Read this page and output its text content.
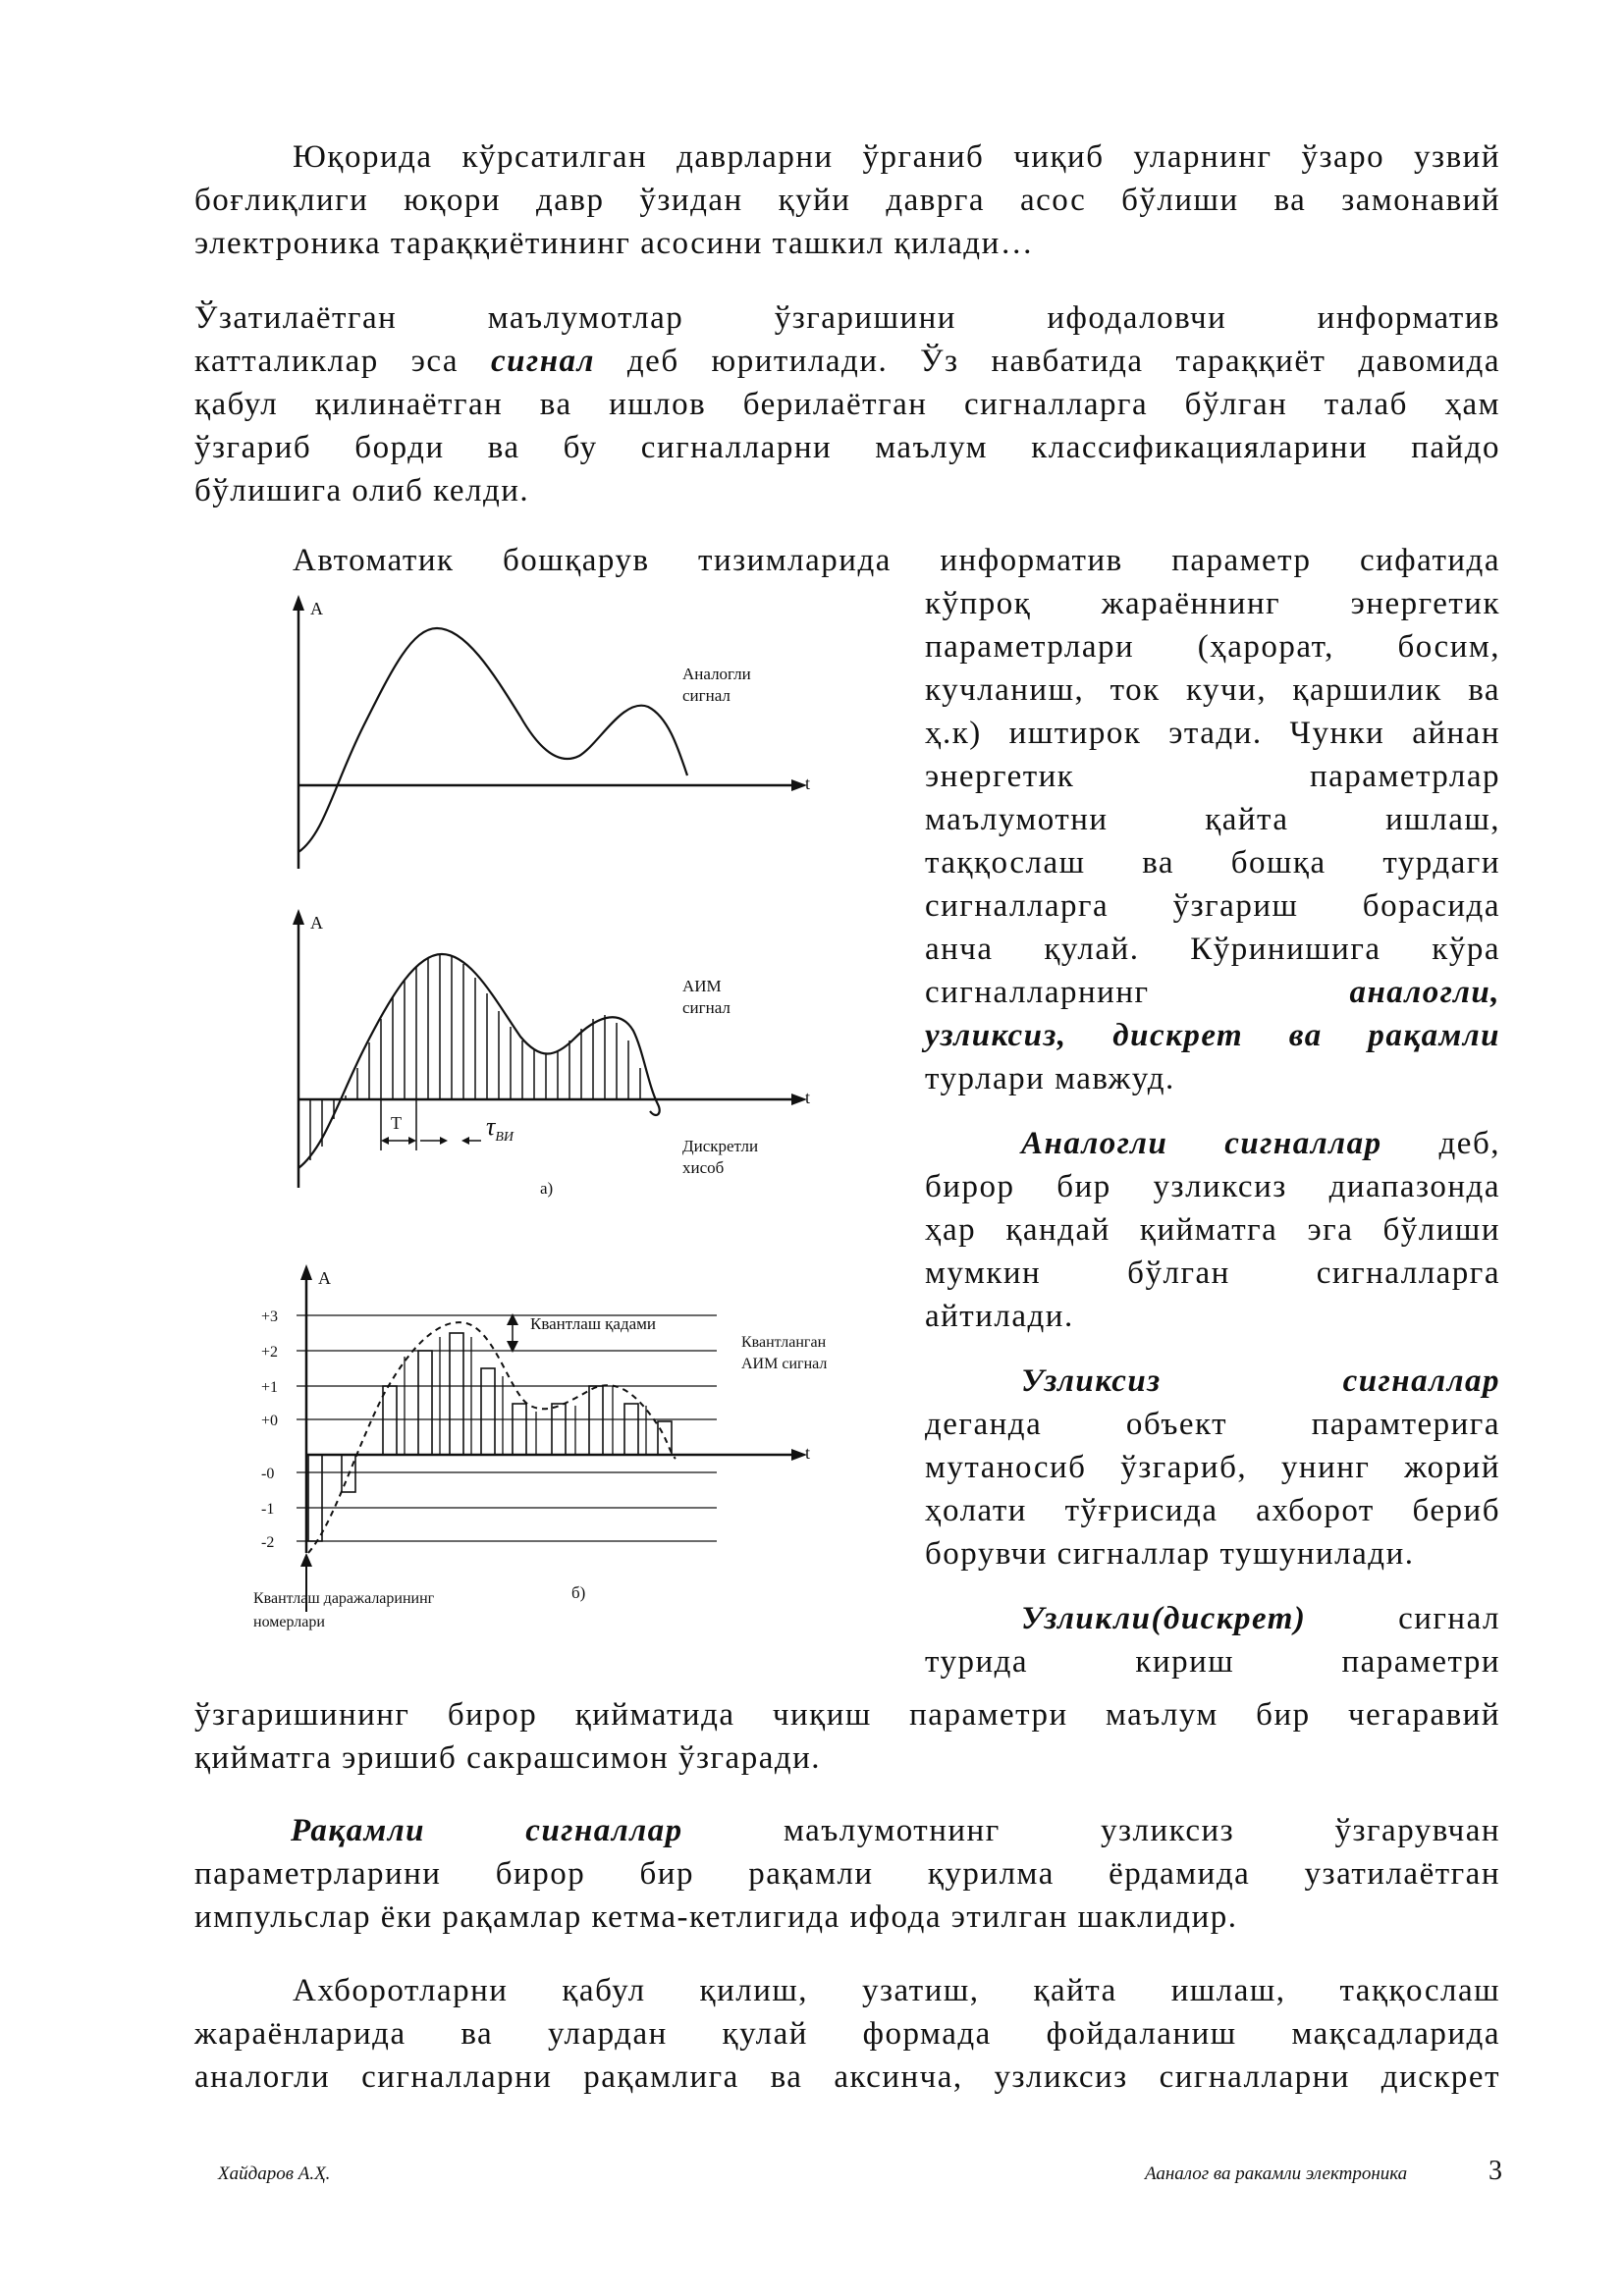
Юқорида кўрсатилган даврларни ўрганиб чиқиб уларнинг ўзаро узвий
боғлиқлиги юқори давр ўзидан қуйи даврга асос бўлиши ва замонавий
электроника тараққиётининг асосини ташкил қилади…
Ўзатилаётган маълумотлар ўзгаришини ифодаловчи информатив
катталиклар эса сигнал деб юритилади. Ўз навбатида тараққиёт давомида
қабул қилинаётган ва ишлов берилаётган сигналларга бўлган талаб ҳам
ўзгариб борди ва бу сигналларни маълум классификацияларини пайдо
бўлишига олиб келди.
Автоматик бошқарув тизимларида информатив параметр сифатида
кўпроқ жараённинг энергетик
параметрлари (ҳарорат, босим,
кучланиш, ток кучи, қаршилик ва
ҳ.к) иштирок этади. Чунки айнан
энергетик параметрлар
маълумотни қайта ишлаш,
таққослаш ва бошқа турдаги
сигналларга ўзгариш борасида
анча қулай. Кўринишига кўра
сигналларнинг аналогли,
узликсиз, дискрет ва рақамли
турлари мавжуд.
Аналогли сигналлар деб,
бирор бир узликсиз диапазонда
ҳар қандай қийматга эга бўлиши
мумкин бўлган сигналларга
айтилади.
Узликсиз	сигналлар
деганда объект парамтерига
мутаносиб ўзгариб, унинг жорий
ҳолати тўғрисида ахборот бериб
борувчи сигналлар тушунилади.
Узликли(дискрет) сигнал
турида кириш параметри
ўзгаришининг бирор қийматида чиқиш параметри маълум бир чегаравий
қийматга эришиб сакрашсимон ўзгаради.
Рақамли сигналлар маълумотнинг узликсиз ўзгарувчан
параметрларини бирор бир рақамли қурилма ёрдамида узатилаётган
импульслар ёки рақамлар кетма-кетлигида ифода этилган шаклидир.
Ахборотларни қабул қилиш, узатиш, қайта ишлаш, таққослаш
жараёнларида ва улардан қулай формада фойдаланиш мақсадларида
аналогли сигналларни рақамлига ва аксинча, узликсиз сигналларни дискрет
A
t
Аналогли
сигнал
T	$\tau_{ВИ}$
A
t
АИМ
сигнал
Дискретли
хисоб
а)
Квантлаш қадами
A
t
+3
+2
+1
+0
-0
-1
-2
Квантланган
АИМ сигнал
Квантлаш даражаларининг
номерлари
б)
Хайдаров А.Ҳ.	Ааналог ва ракамли электроника	3
